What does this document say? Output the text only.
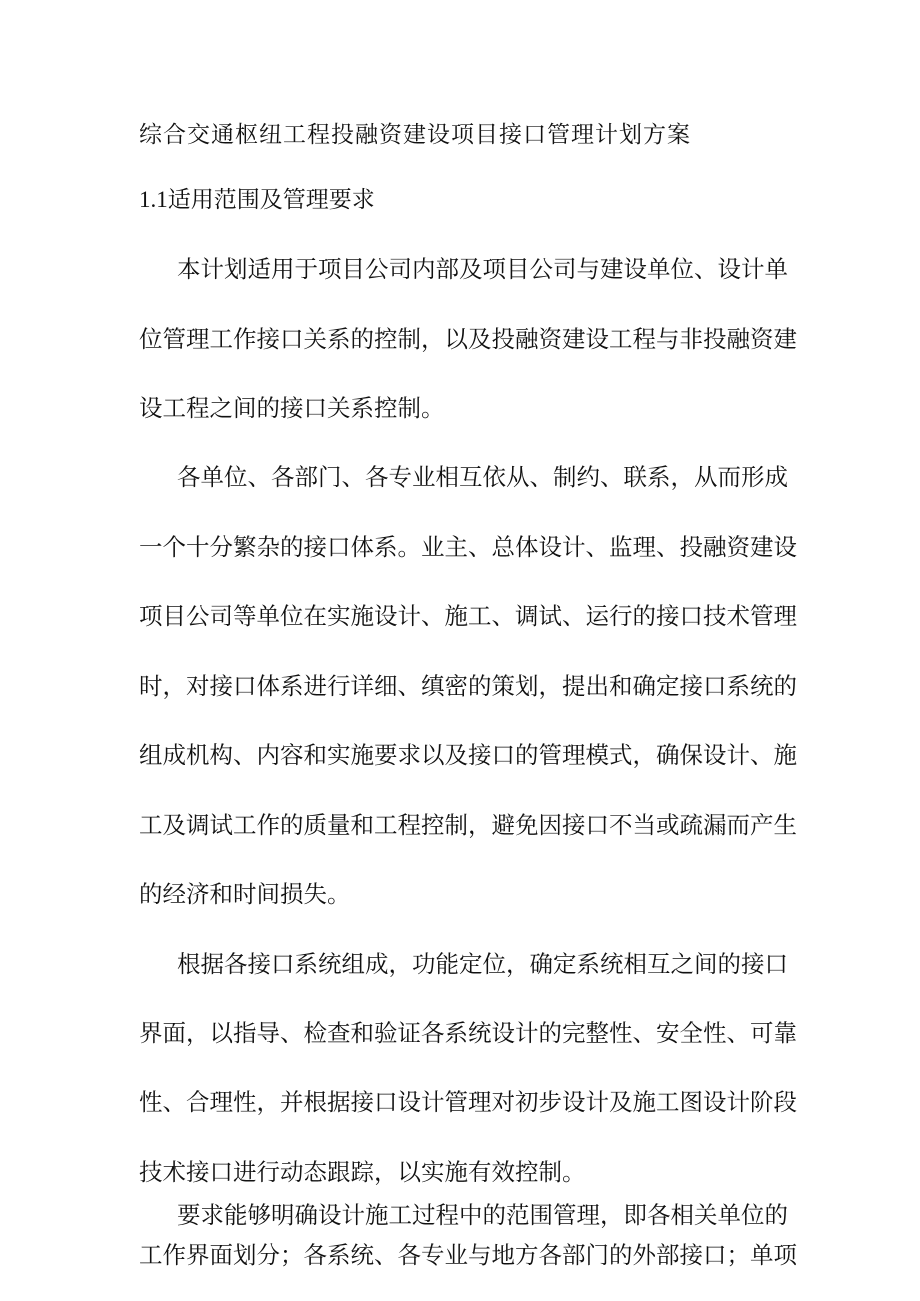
综合交通枢纽工程投融资建设项目接口管理计划方案
1.1适用范围及管理要求
本计划适用于项目公司内部及项目公司与建设单位、设计单
位管理工作接口关系的控制，以及投融资建设工程与非投融资建
设工程之间的接口关系控制。
各单位、各部门、各专业相互依从、制约、联系，从而形成
一个十分繁杂的接口体系。业主、总体设计、监理、投融资建设
项目公司等单位在实施设计、施工、调试、运行的接口技术管理
时，对接口体系进行详细、缜密的策划，提出和确定接口系统的
组成机构、内容和实施要求以及接口的管理模式，确保设计、施
工及调试工作的质量和工程控制，避免因接口不当或疏漏而产生
的经济和时间损失。
根据各接口系统组成，功能定位，确定系统相互之间的接口
界面，以指导、检查和验证各系统设计的完整性、安全性、可靠
性、合理性，并根据接口设计管理对初步设计及施工图设计阶段
技术接口进行动态跟踪，以实施有效控制。
要求能够明确设计施工过程中的范围管理，即各相关单位的
工作界面划分；各系统、各专业与地方各部门的外部接口；单项
